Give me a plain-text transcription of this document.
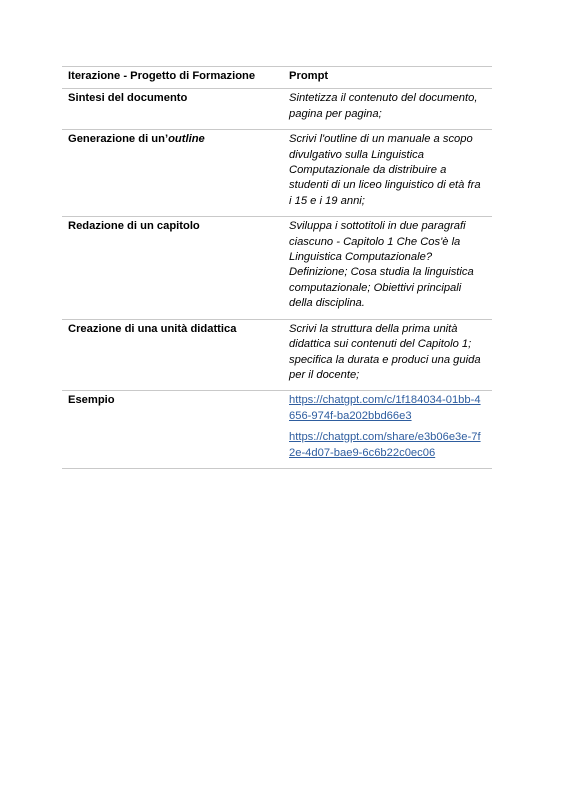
Iterazione - Progetto di Formazione	Prompt
Sintesi del documento	Sintetizza il contenuto del documento, pagina per pagina;
Generazione di un’outline	Scrivi l'outline di un manuale a scopo divulgativo sulla Linguistica Computazionale da distribuire a studenti di un liceo linguistico di età fra i 15 e i 19 anni;
Redazione di un capitolo	Sviluppa i sottotitoli in due paragrafi ciascuno - Capitolo 1 Che Cos'è la Linguistica Computazionale? Definizione; Cosa studia la linguistica computazionale; Obiettivi principali della disciplina.
Creazione di una unità didattica	Scrivi la struttura della prima unità didattica sui contenuti del Capitolo 1; specifica la durata e produci una guida per il docente;
Esempio	https://chatgpt.com/c/1f184034-01bb-4656-974f-ba202bbd66e3
https://chatgpt.com/share/e3b06e3e-7f2e-4d07-bae9-6c6b22c0ec06
